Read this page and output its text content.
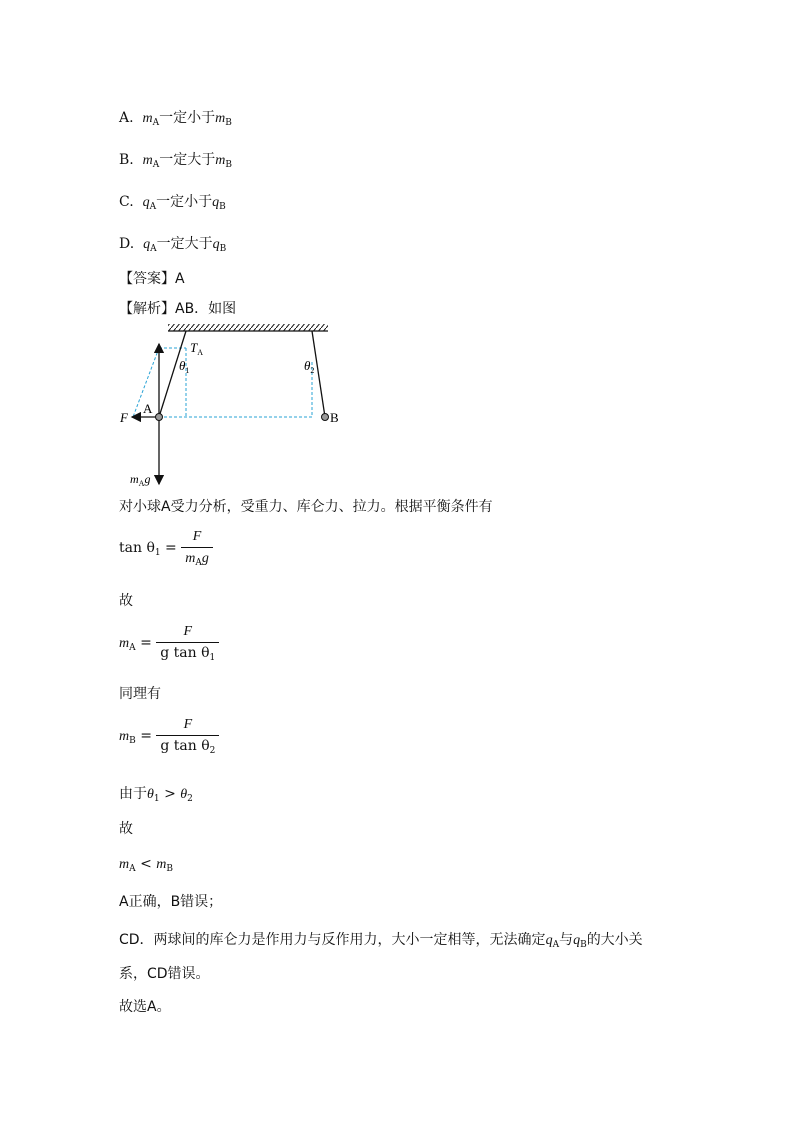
A. $m_A$一定小于$m_B$
B. $m_A$一定大于$m_B$
C. $q_A$一定小于$q_B$
D. $q_A$一定大于$q_B$
【答案】A
【解析】AB．如图
$T_A$
$\theta_1$	$\theta_2$
F
A
B
$m_Ag$
对小球A受力分析，受重力、库仑力、拉力。根据平衡条件有
$\tan \theta_1 = \frac{F}{m_Ag}$
故
$m_A = \frac{F}{g \tan \theta_1}$
同理有
$m_B = \frac{F}{g \tan \theta_2}$
由于$\theta_1 > \theta_2$
故
$m_A < m_B$
A正确，B错误；
CD．两球间的库仑力是作用力与反作用力，大小一定相等，无法确定$q_A$与$q_B$的大小关
系，CD错误。
故选A。
